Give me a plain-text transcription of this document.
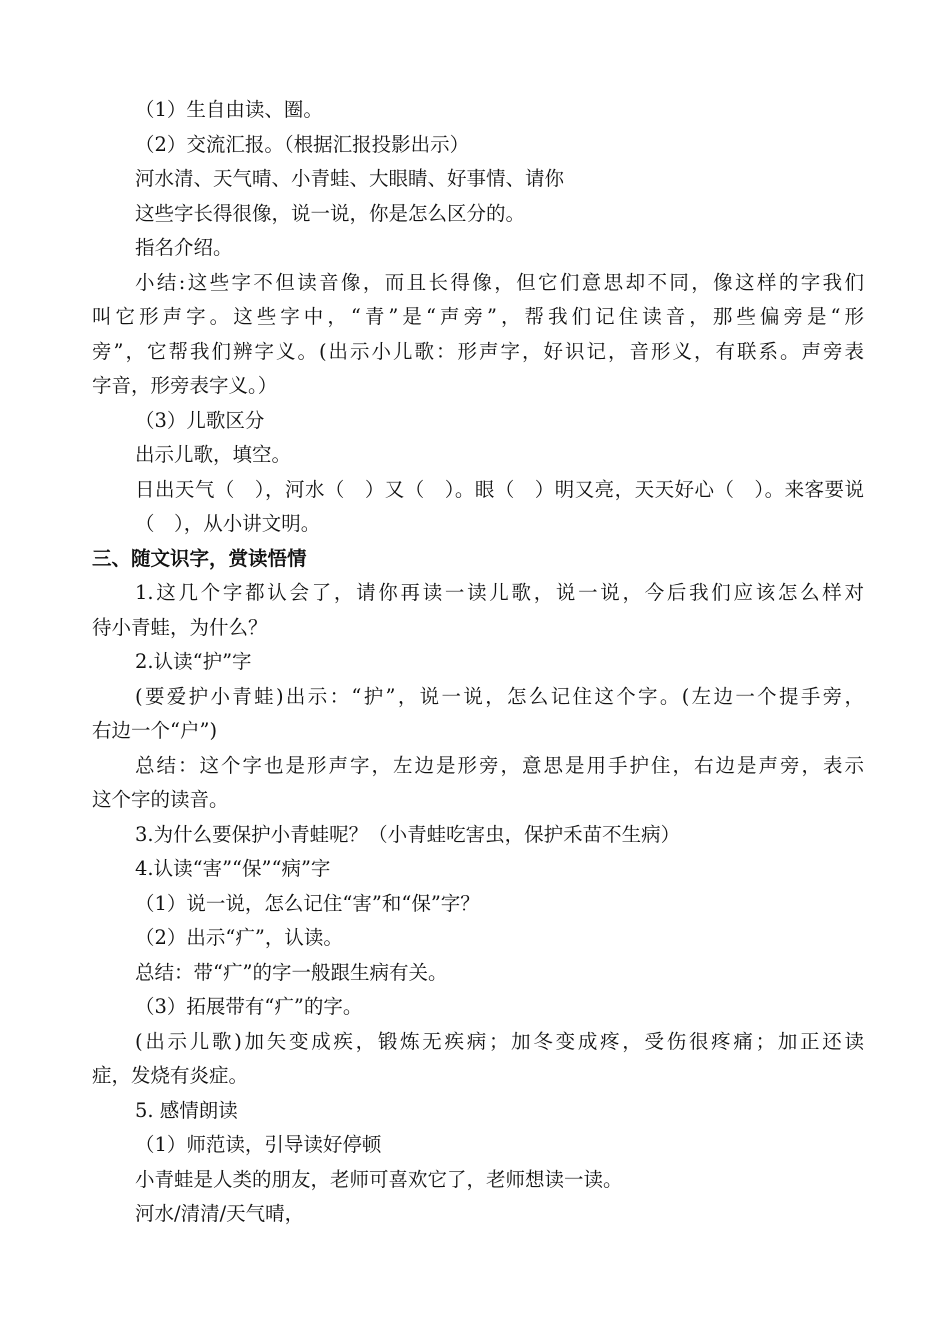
（1）生自由读、圈。
（2）交流汇报。（根据汇报投影出示）
河水清、天气晴、小青蛙、大眼睛、好事情、请你
这些字长得很像，说一说，你是怎么区分的。
指名介绍。
小结:这些字不但读音像，而且长得像，但它们意思却不同，像这样的字我们
叫它形声字。这些字中，“青”是“声旁”，帮我们记住读音，那些偏旁是“形
旁”，它帮我们辨字义。(出示小儿歌：形声字，好识记，音形义，有联系。声旁表
字音，形旁表字义。）
（3）儿歌区分
出示儿歌，填空。
日出天气（　），河水（　）又（　）。眼（　）明又亮，天天好心（　）。来客要说
（　），从小讲文明。
三、随文识字，赏读悟情
1.这几个字都认会了，请你再读一读儿歌，说一说，今后我们应该怎么样对
待小青蛙，为什么？
2.认读“护”字
(要爱护小青蛙)出示：“护”，说一说，怎么记住这个字。(左边一个提手旁，
右边一个“户”)
总结：这个字也是形声字，左边是形旁，意思是用手护住，右边是声旁，表示
这个字的读音。
3.为什么要保护小青蛙呢？（小青蛙吃害虫，保护禾苗不生病）
4.认读“害”“保”“病”字
（1）说一说，怎么记住“害”和“保”字？
（2）出示“疒”，认读。
总结：带“疒”的字一般跟生病有关。
（3）拓展带有“疒”的字。
(出示儿歌)加矢变成疾，锻炼无疾病；加冬变成疼，受伤很疼痛；加正还读
症，发烧有炎症。
5. 感情朗读
（1）师范读，引导读好停顿
小青蛙是人类的朋友，老师可喜欢它了，老师想读一读。
河水/清清/天气晴，
